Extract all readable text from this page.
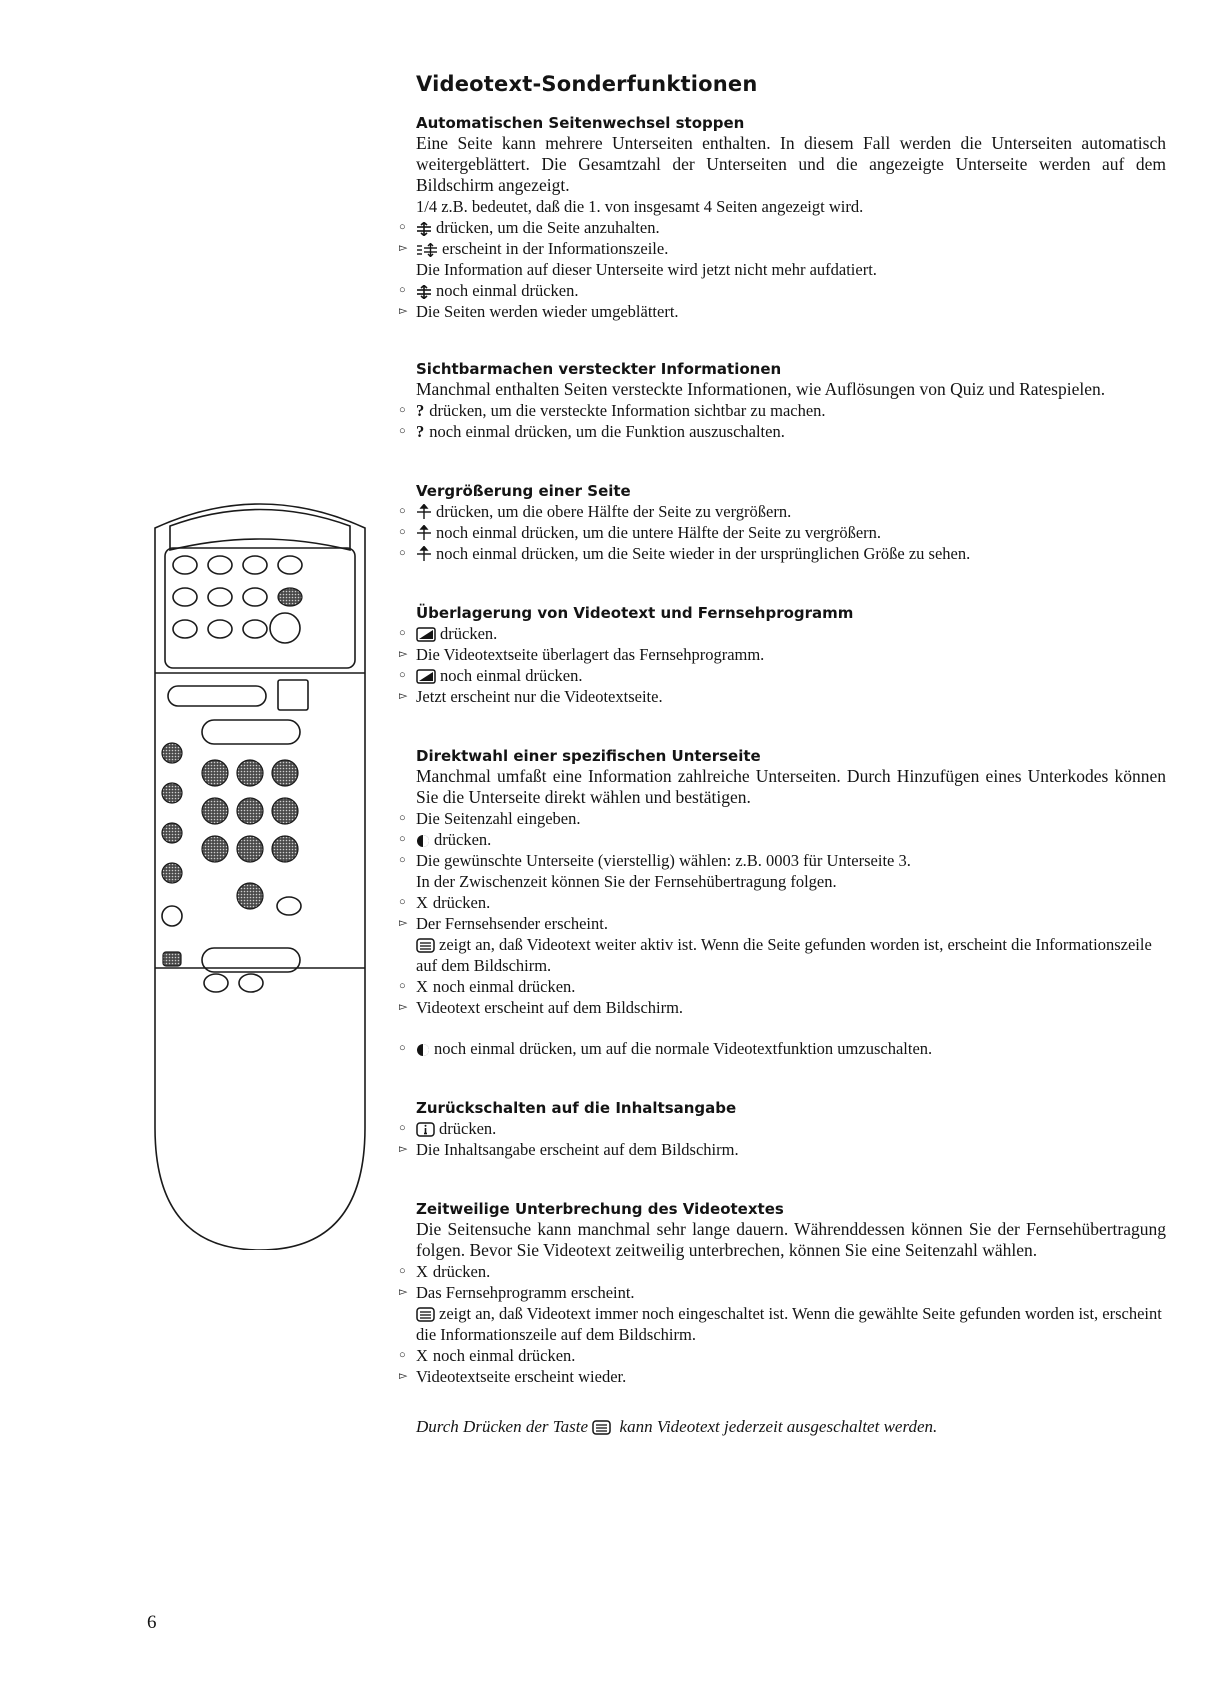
Videotext-Sonderfunktionen
Automatischen Seitenwechsel stoppen

Eine Seite kann mehrere Unterseiten enthalten. In diesem Fall werden die Unterseiten automatisch weitergeblättert. Die Gesamtzahl der Unterseiten und die angezeigte Unterseite werden auf dem Bildschirm angezeigt.

1/4 z.B. bedeutet, daß die 1. von insgesamt 4 Seiten angezeigt wird.

○	drücken, um die Seite anzuhalten.
▻	erscheint in der Informationszeile.

Die Information auf dieser Unterseite wird jetzt nicht mehr aufdatiert.

○	noch einmal drücken.
▻ Die Seiten werden wieder umgeblättert.
Sichtbarmachen versteckter Informationen

Manchmal enthalten Seiten versteckte Informationen, wie Auflösungen von Quiz und Ratespielen.

○ ? drücken, um die versteckte Information sichtbar zu machen.
○ ? noch einmal drücken, um die Funktion auszuschalten.
Vergrößerung einer Seite
○	drücken, um die obere Hälfte der Seite zu vergrößern.
○	noch einmal drücken, um die untere Hälfte der Seite zu vergrößern.
○	noch einmal drücken, um die Seite wieder in der ursprünglichen Größe zu sehen.
Überlagerung von Videotext und Fernsehprogramm
○	drücken.
▻ Die Videotextseite überlagert das Fernsehprogramm.
○	noch einmal drücken.
▻ Jetzt erscheint nur die Videotextseite.
Direktwahl einer spezifischen Unterseite

Manchmal umfaßt eine Information zahlreiche Unterseiten. Durch Hinzufügen eines Unterkodes können Sie die Unterseite direkt wählen und bestätigen.

○ Die Seitenzahl eingeben.
○	drücken.
○ Die gewünschte Unterseite (vierstellig) wählen: z.B. 0003 für Unterseite 3.

In der Zwischenzeit können Sie der Fernsehübertragung folgen.

○ X drücken.
▻ Der Fernsehsender erscheint.
zeigt an, daß Videotext weiter aktiv ist. Wenn die Seite gefunden worden ist, erscheint die Informationszeile auf dem Bildschirm.
○ X noch einmal drücken.
▻ Videotext erscheint auf dem Bildschirm.
○	noch einmal drücken, um auf die normale Videotextfunktion umzuschalten.
Zurückschalten auf die Inhaltsangabe
○	drücken.
▻ Die Inhaltsangabe erscheint auf dem Bildschirm.
Zeitweilige Unterbrechung des Videotextes

Die Seitensuche kann manchmal sehr lange dauern. Währenddessen können Sie der Fernsehübertragung folgen. Bevor Sie Videotext zeitweilig unterbrechen, können Sie eine Seitenzahl wählen.

○ X drücken.
▻ Das Fernsehprogramm erscheint.
zeigt an, daß Videotext immer noch eingeschaltet ist. Wenn die gewählte Seite gefunden worden ist, erscheint die Informationszeile auf dem Bildschirm.
○ X noch einmal drücken.
▻ Videotextseite erscheint wieder.

Durch Drücken der Taste kann Videotext jederzeit ausgeschaltet werden.

6
